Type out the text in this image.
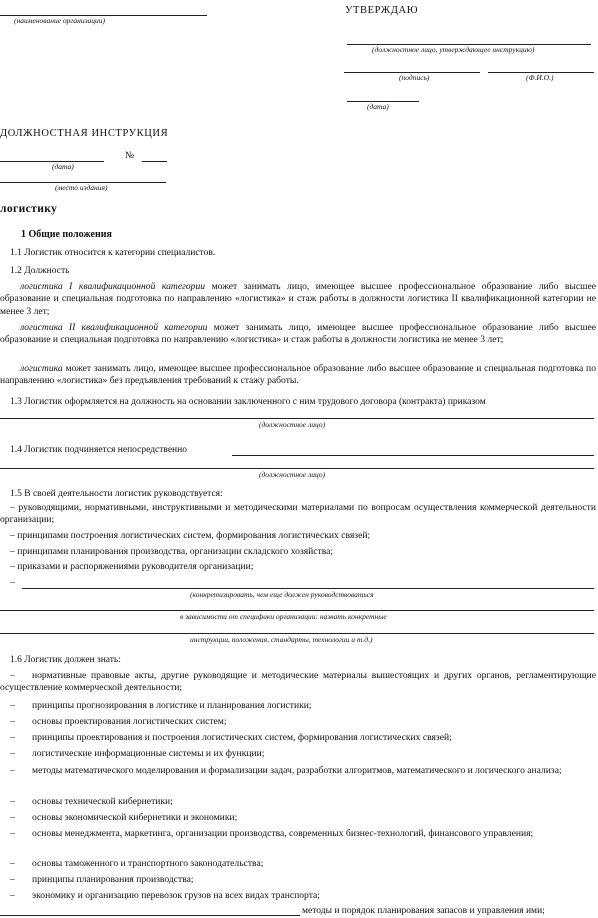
(наименование организации)
УТВЕРЖДАЮ
(должностное лицо, утверждающее инструкцию)
(подпись)	(Ф.И.О.)
(дата)
ДОЛЖНОСТНАЯ ИНСТРУКЦИЯ
№
(дата)
(место издания)
логистику
1 Общие положения
1.1 Логистик относится к категории специалистов.
1.2 Должность
логистика I квалификационной категории может занимать лицо, имеющее высшее профессиональное образование либо высшее образование и специальная подготовка по направлению «логистика» и стаж работы в должности логистика II квалификационной категории не менее 3 лет;
логистика II квалификационной категории может занимать лицо, имеющее высшее профессиональное образование либо высшее образование и специальная подготовка по направлению «логистика» и стаж работы в должности логистика не менее 3 лет;
логистика может занимать лицо, имеющее высшее профессиональное образование либо высшее образование и специальная подготовка по направлению «логистика» без предъявления требований к стажу работы.
1.3 Логистик оформляется на должность на основании заключенного с ним трудового договора (контракта) приказом
(должностное лицо)
1.4 Логистик подчиняется непосредственно
(должностное лицо)
1.5 В своей деятельности логистик руководствуется:
– руководящими, нормативными, инструктивными и методическими материалами по вопросам осуществления коммерческой деятельности организации;
– принципами построения логистических систем, формирования логистических связей;
– принципами планирования производства, организации складского хозяйства;
– приказами и распоряжениями руководителя организации;
–
(конкретизировать, чем еще должен руководствоваться
в зависимости от специфики организации: назвать конкретные
инструкции, положения, стандарты, технологии и т.д.)
1.6 Логистик должен знать:
– нормативные правовые акты, другие руководящие и методические материалы вышестоящих и других органов, регламентирующие осуществление коммерческой деятельности;
– принципы прогнозирования в логистике и планирования логистики;
– основы проектирования логистических систем;
– принципы проектирования и построения логистических систем, формирования логистических связей;
– логистические информационные системы и их функции;
– методы математического моделирования и формализации задач, разработки алгоритмов, математического и логического анализа;
– основы технической кибернетики;
– основы экономической кибернетики и экономики;
– основы менеджмента, маркетинга, организации производства, современных бизнес-технологий, финансового управления;
– основы таможенного и транспортного законодательства;
– принципы планирования производства;
– экономику и организацию перевозок грузов на всех видах транспорта;
методы и порядок планирования запасов и управления ими;
